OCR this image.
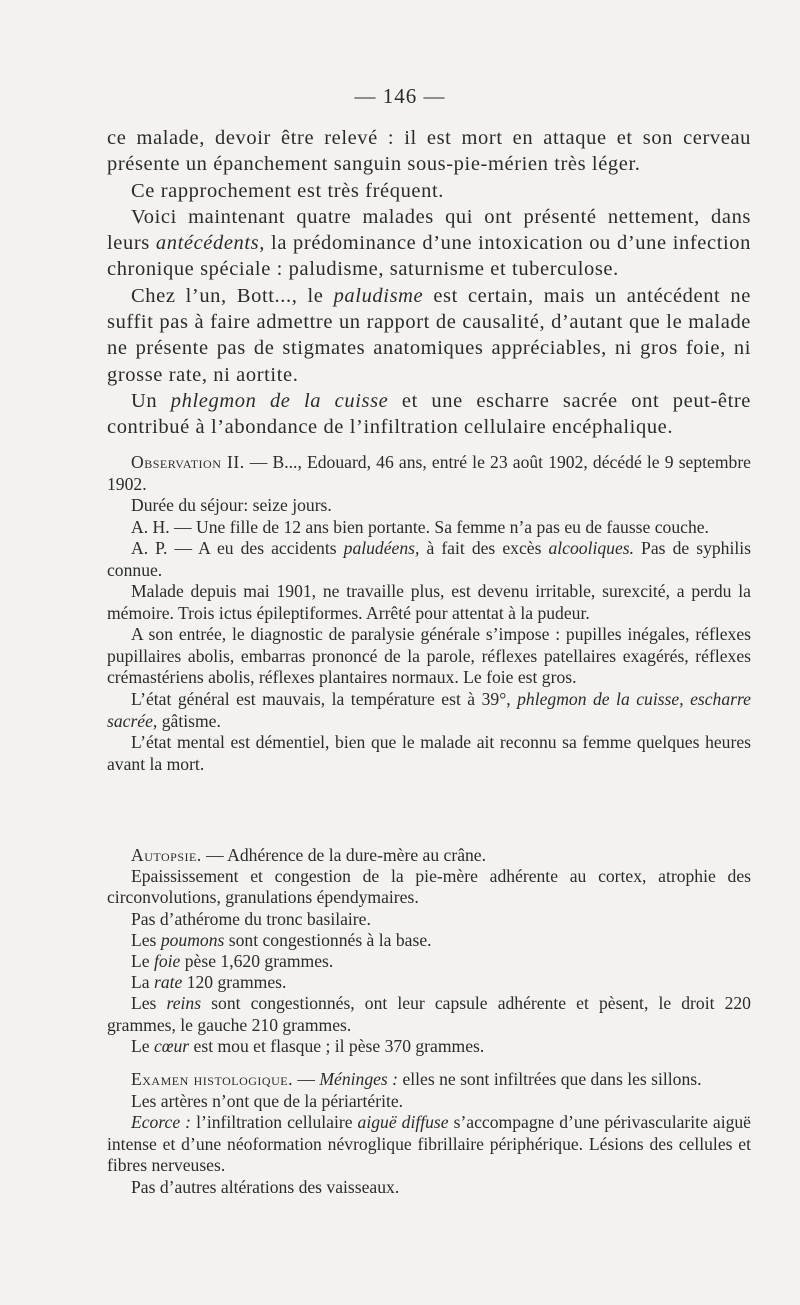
— 146 —

ce malade, devoir être relevé : il est mort en attaque et son cerveau présente un épanchement sanguin sous-pie-mérien très léger.

Ce rapprochement est très fréquent.

Voici maintenant quatre malades qui ont présenté nettement, dans leurs antécédents, la prédominance d’une intoxication ou d’une infection chronique spéciale : paludisme, saturnisme et tuberculose.

Chez l’un, Bott..., le paludisme est certain, mais un antécédent ne suffit pas à faire admettre un rapport de causalité, d’autant que le malade ne présente pas de stigmates anatomiques appréciables, ni gros foie, ni grosse rate, ni aortite.

Un phlegmon de la cuisse et une escharre sacrée ont peut-être contribué à l’abondance de l’infiltration cellulaire encéphalique.

Observation II. — B..., Edouard, 46 ans, entré le 23 août 1902, décédé le 9 septembre 1902.

Durée du séjour: seize jours.

A. H. — Une fille de 12 ans bien portante. Sa femme n’a pas eu de fausse couche.

A. P. — A eu des accidents paludéens, à fait des excès alcooliques. Pas de syphilis connue.

Malade depuis mai 1901, ne travaille plus, est devenu irritable, surexcité, a perdu la mémoire. Trois ictus épileptiformes. Arrêté pour attentat à la pudeur.

A son entrée, le diagnostic de paralysie générale s’impose : pupilles inégales, réflexes pupillaires abolis, embarras prononcé de la parole, réflexes patellaires exagérés, réflexes crémastériens abolis, réflexes plantaires normaux. Le foie est gros.

L’état général est mauvais, la température est à 39°, phlegmon de la cuisse, escharre sacrée, gâtisme.

L’état mental est démentiel, bien que le malade ait reconnu sa femme quelques heures avant la mort.

Autopsie. — Adhérence de la dure-mère au crâne.

Epaississement et congestion de la pie-mère adhérente au cortex, atrophie des circonvolutions, granulations épendymaires.

Pas d’athérome du tronc basilaire.

Les poumons sont congestionnés à la base.

Le foie pèse 1,620 grammes.

La rate 120 grammes.

Les reins sont congestionnés, ont leur capsule adhérente et pèsent, le droit 220 grammes, le gauche 210 grammes.

Le cœur est mou et flasque ; il pèse 370 grammes.

Examen histologique. — Méninges : elles ne sont infiltrées que dans les sillons.

Les artères n’ont que de la périartérite.

Ecorce : l’infiltration cellulaire aiguë diffuse s’accompagne d’une périvascularite aiguë intense et d’une néoformation névroglique fibrillaire périphérique. Lésions des cellules et fibres nerveuses.

Pas d’autres altérations des vaisseaux.
